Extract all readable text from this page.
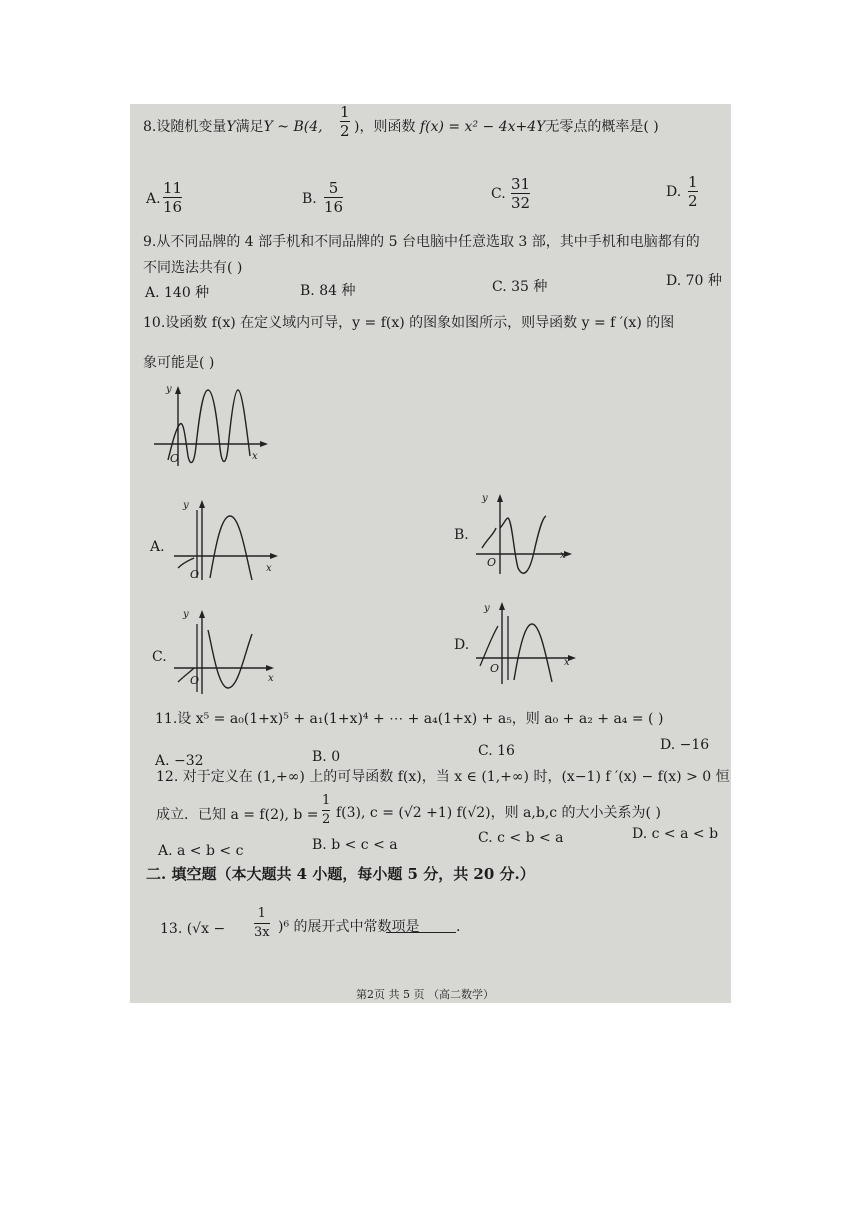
8.设随机变量Y满足Y ~ B(4,
1
2 )，则函数 f(x) = x² − 4x+4Y无零点的概率是( )
A.
11
16	B.
5
16
C.
31
32
D.
1
2
9.从不同品牌的 4 部手机和不同品牌的 5 台电脑中任意选取 3 部，其中手机和电脑都有的
不同选法共有( )
A. 140 种	B. 84 种	C. 35 种	D. 70 种
10.设函数 f(x) 在定义域内可导，y = f(x) 的图象如图所示，则导函数 y = f ′(x) 的图
象可能是( )
y
O	x
A.
y
O	x
B.
y
O
x
C.
y
O	x
D.
y
O	x
11.设 x⁵ = a₀(1+x)⁵ + a₁(1+x)⁴ + ⋯ + a₄(1+x) + a₅，则 a₀ + a₂ + a₄ = ( )
A. −32	B. 0	C. 16	D. −16
12. 对于定义在 (1,+∞) 上的可导函数 f(x)，当 x ∈ (1,+∞) 时，(x−1) f ′(x) − f(x) > 0 恒
成立．已知 a = f(2), b =
1
2 f(3), c = (√2 +1) f(√2)，则 a,b,c 的大小关系为( )
A. a < b < c	B. b < c < a	C. c < b < a	D. c < a < b
二. 填空题（本大题共 4 小题，每小题 5 分，共 20 分.）
13. (√x −
1
3x )⁶ 的展开式中常数项是	.
第2页 共 5 页 （高二数学）
